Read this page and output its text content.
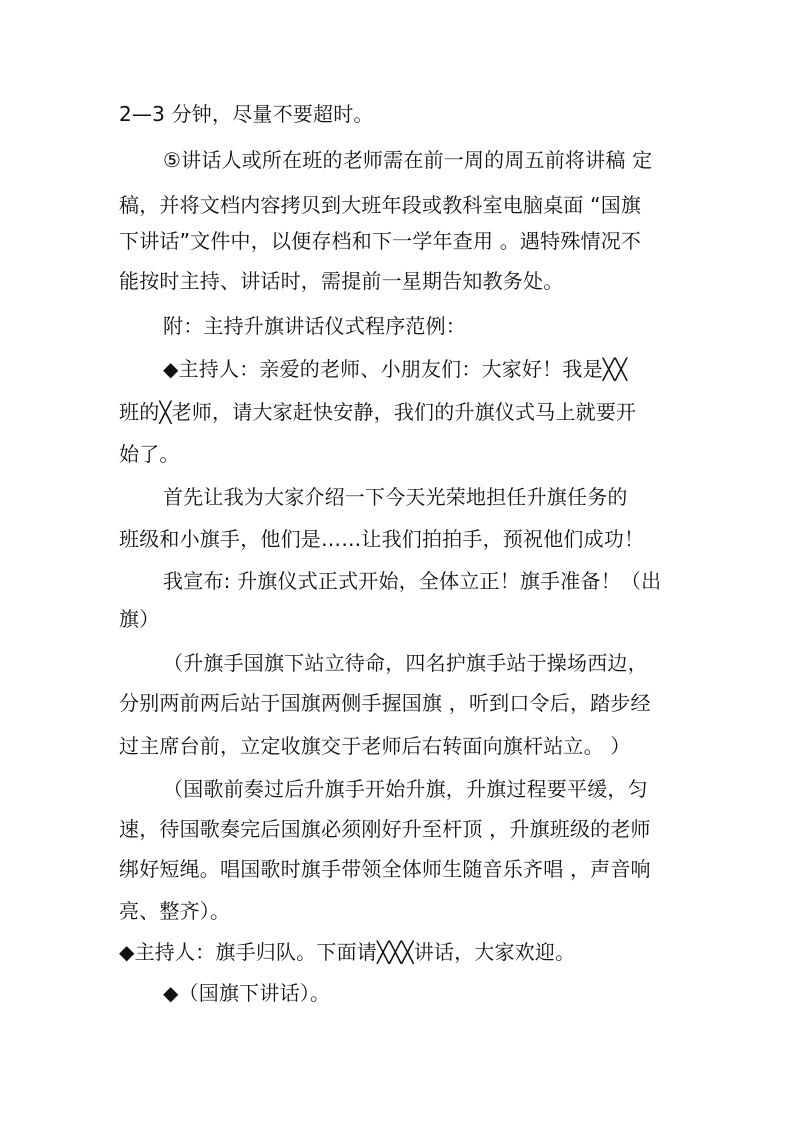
2—3 分钟，尽量不要超时。
⑤讲话人或所在班的老师需在前一周的周五前将讲稿 定
稿，并将文档内容拷贝到大班年段或教科室电脑桌面 “国旗
下讲话”文件中，以便存档和下一学年查用 。遇特殊情况不
能按时主持、讲话时，需提前一星期告知教务处。
附：主持升旗讲话仪式程序范例：
◆主持人：亲爱的老师、小朋友们：大家好！我是╳╳
班的╳老师，请大家赶快安静，我们的升旗仪式马上就要开
始了。
首先让我为大家介绍一下今天光荣地担任升旗任务的
班级和小旗手，他们是……让我们拍拍手，预祝他们成功！
我宣布: 升旗仪式正式开始，全体立正！旗手准备！（出
旗）
（升旗手国旗下站立待命，四名护旗手站于操场西边，
分别两前两后站于国旗两侧手握国旗 ，听到口令后，踏步经
过主席台前，立定收旗交于老师后右转面向旗杆站立。 ）
（国歌前奏过后升旗手开始升旗，升旗过程要平缓，匀
速，待国歌奏完后国旗必须刚好升至杆顶 ，升旗班级的老师
绑好短绳。唱国歌时旗手带领全体师生随音乐齐唱 ，声音响
亮、整齐）。
◆主持人：旗手归队。下面请╳╳╳讲话，大家欢迎。
◆（国旗下讲话）。
